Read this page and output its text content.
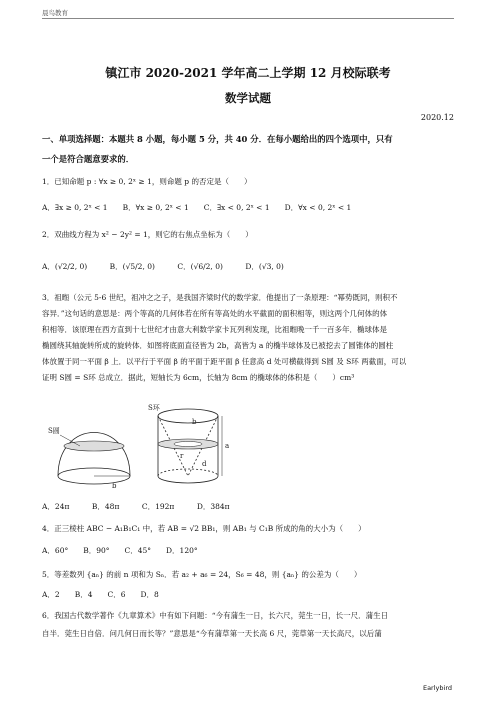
晨鸟教育
镇江市 2020-2021 学年高二上学期 12 月校际联考
数学试题
2020.12
一、单项选择题：本题共 8 小题，每小题 5 分，共 40 分．在每小题给出的四个选项中，只有
一个是符合题意要求的．
1．已知命题 p : ∀x ≥ 0, 2ˣ ≥ 1，则命题 p 的否定是（　　）
A．∃x ≥ 0, 2ˣ < 1　　B．∀x ≥ 0, 2ˣ < 1　　C．∃x < 0, 2ˣ < 1　　D．∀x < 0, 2ˣ < 1
2．双曲线方程为 x² − 2y² = 1，则它的右焦点坐标为（　　）
A．(√2/2, 0)　　　B．(√5/2, 0)　　　C．(√6/2, 0)　　　D．(√3, 0)
3．祖暅（公元 5-6 世纪，祖冲之之子，是我国齐梁时代的数学家．他提出了一条原理：“幂势既同，则积不
容异．”这句话的意思是：两个等高的几何体若在所有等高处的水平截面的面积相等，则这两个几何体的体
积相等．该原理在西方直到十七世纪才由意大利数学家卡瓦列利发现，比祖暅晚一千一百多年．椭球体是
椭圆绕其轴旋转所成的旋转体．如图将底面直径皆为 2b，高皆为 a 的椭半球体及已被挖去了圆锥体的圆柱
体放置于同一平面 β 上．以平行于平面 β 的平面于距平面 β 任意高 d 处可横截得到 S圆 及 S环 两截面，可以
证明 S圆 = S环 总成立．据此，短轴长为 6cm，长轴为 8cm 的椭球体的体积是（　　）cm³
S圆
b
S环
b
a
d
r
A．24π　　　B．48π　　　C．192π　　　D．384π
4．正三棱柱 ABC − A₁B₁C₁ 中，若 AB = √2 BB₁，则 AB₁ 与 C₁B 所成的角的大小为（　　）
A．60°　　B．90°　　C．45°　　D．120°
5．等差数列 {aₙ} 的前 n 项和为 Sₙ．若 a₂ + a₆ = 24，S₆ = 48，则 {aₙ} 的公差为（　　）
A．2　　B．4　　C．6　　D．8
6．我国古代数学著作《九章算术》中有如下问题：“今有蒲生一日，长六尺，莞生一日，长一尺．蒲生日
自半．莞生日自倍．问几何日而长等？”意思是“今有蒲草第一天长高 6 尺，莞草第一天长高尺，以后蒲
Earlybird
